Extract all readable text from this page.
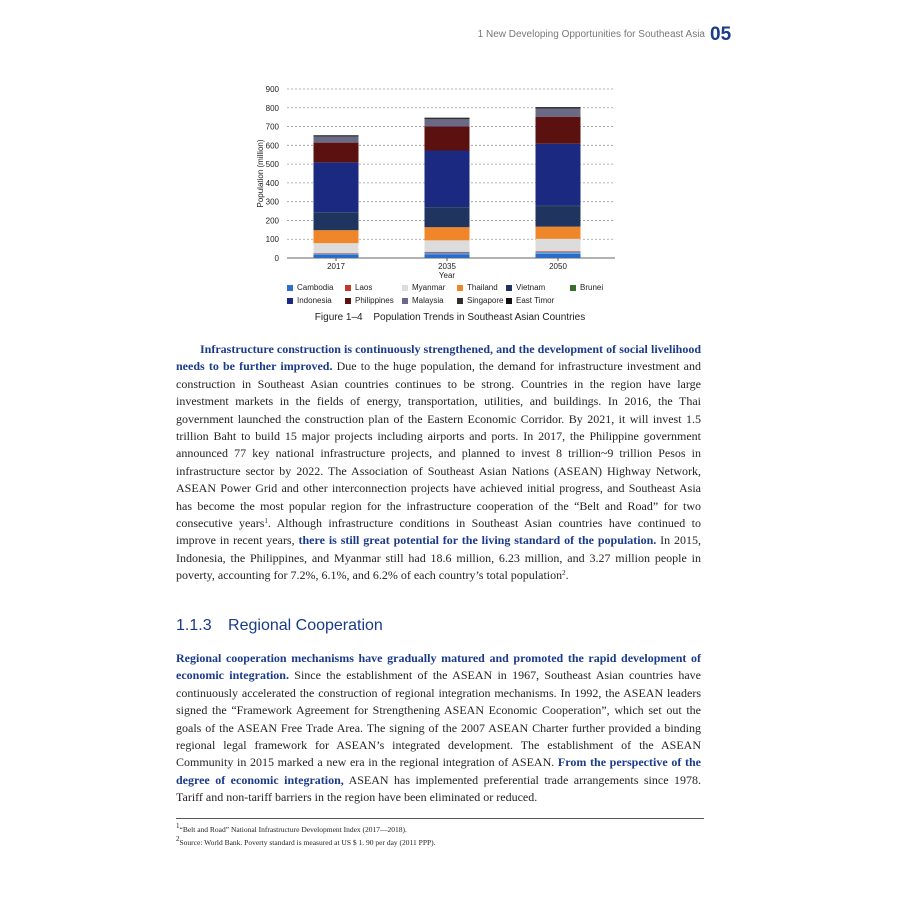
1 New Developing Opportunities for Southeast Asia 05
0
100
200
300
400
500
600
700
800
900
2017	2035	2050
Year
Population (million)
Cambodia	Laos	Myanmar	Thailand Vietnam	Brunei
Indonesia	Philippines Malaysia	Singapore East Timor
Figure 1–4 Population Trends in Southeast Asian Countries

Infrastructure construction is continuously strengthened, and the development of social livelihood needs to be further improved. Due to the huge population, the demand for infrastructure investment and construction in Southeast Asian countries continues to be strong. Countries in the region have large investment markets in the fields of energy, transportation, utilities, and buildings. In 2016, the Thai government launched the construction plan of the Eastern Economic Corridor. By 2021, it will invest 1.5 trillion Baht to build 15 major projects including airports and ports. In 2017, the Philippine government announced 77 key national infrastructure projects, and planned to invest 8 trillion~9 trillion Pesos in infrastructure sector by 2022. The Association of Southeast Asian Nations (ASEAN) Highway Network, ASEAN Power Grid and other interconnection projects have achieved initial progress, and Southeast Asia has become the most popular region for the infrastructure cooperation of the “Belt and Road” for two consecutive years$^1$. Although infrastructure conditions in Southeast Asian countries have continued to improve in recent years, there is still great potential for the living standard of the population. In 2015, Indonesia, the Philippines, and Myanmar still had 18.6 million, 6.23 million, and 3.27 million people in poverty, accounting for 7.2%, 6.1%, and 6.2% of each country’s total population$^2$.

1.1.3 Regional Cooperation

Regional cooperation mechanisms have gradually matured and promoted the rapid development of economic integration. Since the establishment of the ASEAN in 1967, Southeast Asian countries have continuously accelerated the construction of regional integration mechanisms. In 1992, the ASEAN leaders signed the “Framework Agreement for Strengthening ASEAN Economic Cooperation”, which set out the goals of the ASEAN Free Trade Area. The signing of the 2007 ASEAN Charter further provided a binding regional legal framework for ASEAN’s integrated development. The establishment of the ASEAN Community in 2015 marked a new era in the regional integration of ASEAN. From the perspective of the degree of economic integration, ASEAN has implemented preferential trade arrangements since 1978. Tariff and non-tariff barriers in the region have been eliminated or reduced.

$^1$“Belt and Road” National Infrastructure Development Index (2017—2018).
$^2$Source: World Bank. Poverty standard is measured at US $ 1. 90 per day (2011 PPP).
